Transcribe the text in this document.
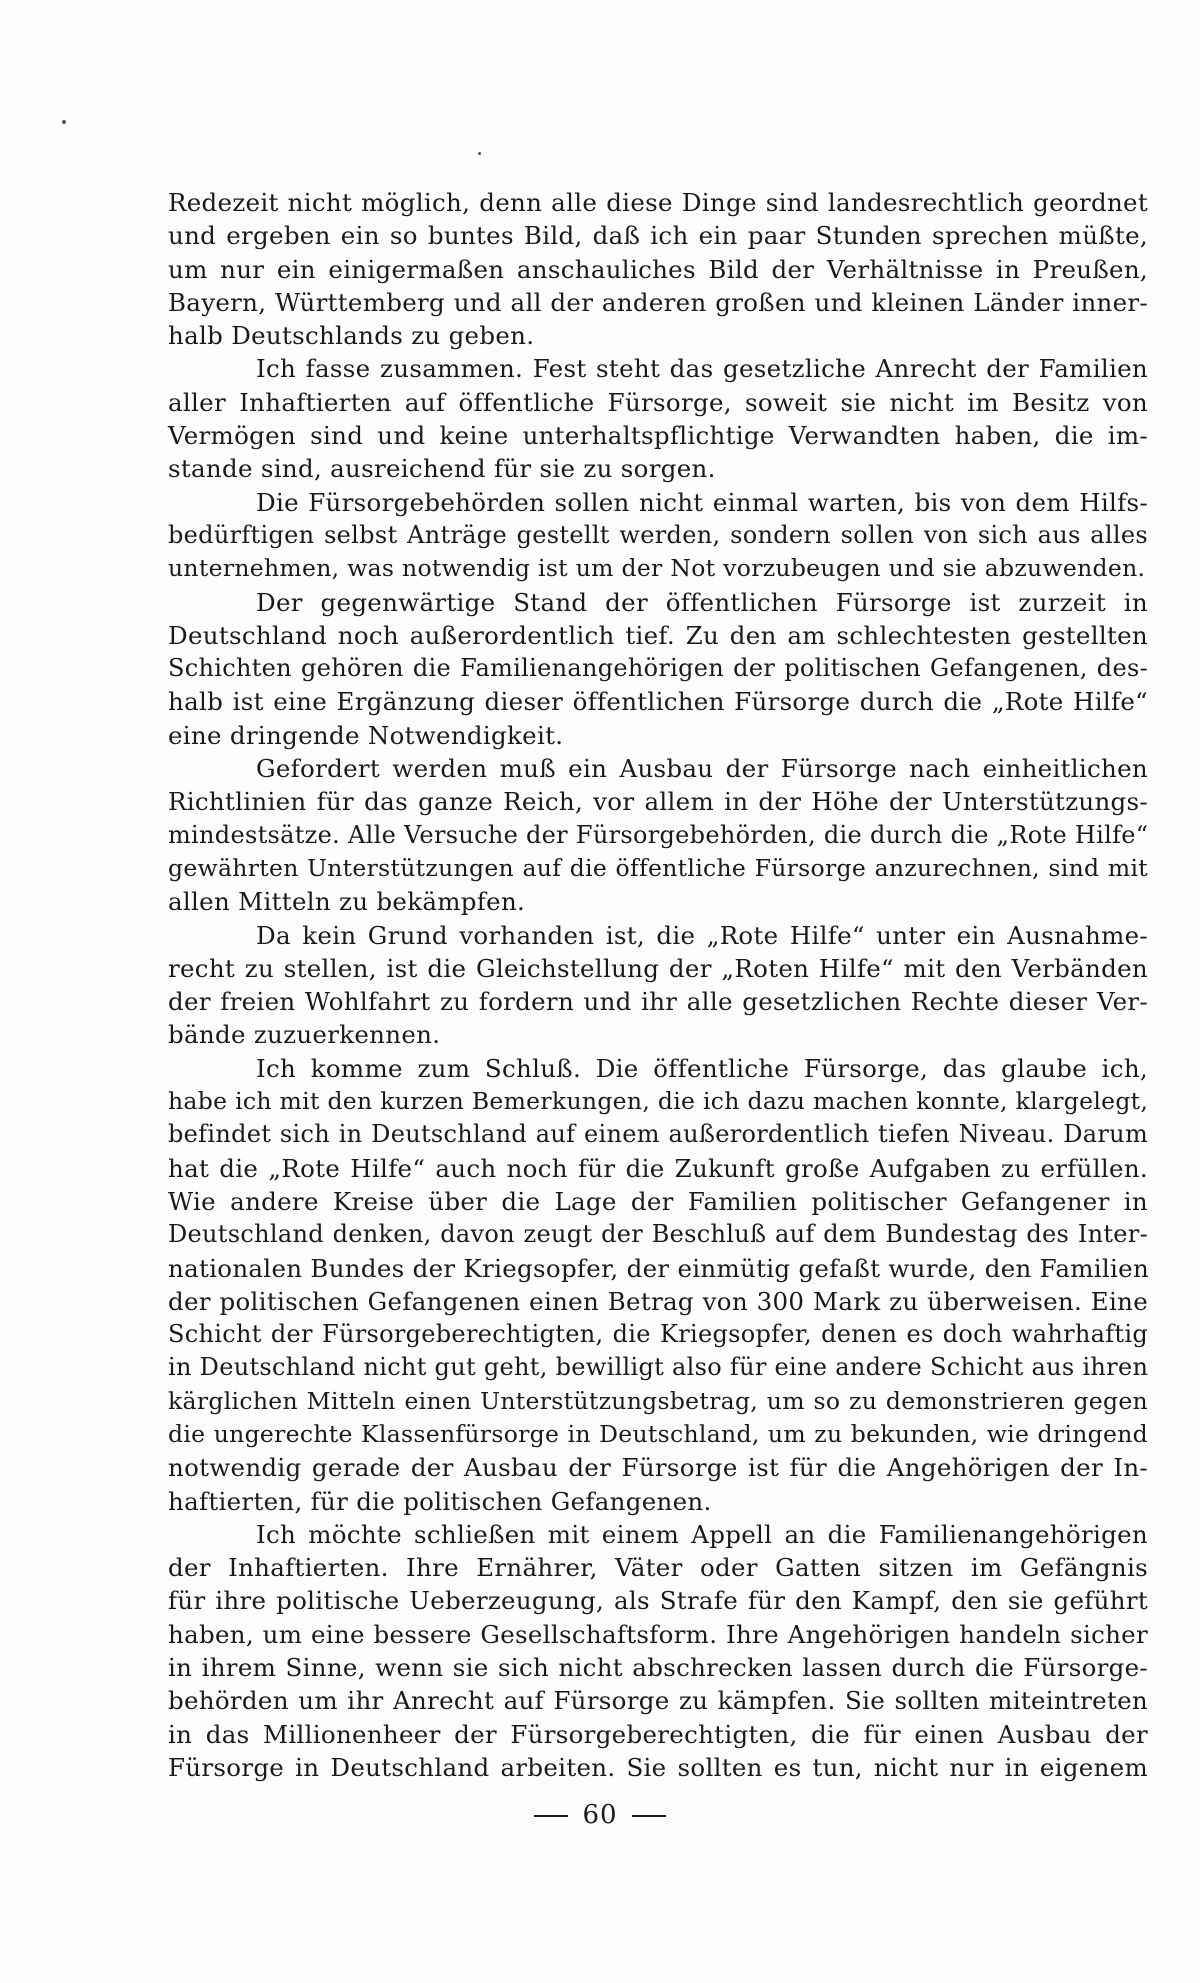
Redezeit nicht möglich, denn alle diese Dinge sind landesrechtlich geordnet
und ergeben ein so buntes Bild, daß ich ein paar Stunden sprechen müßte,
um nur ein einigermaßen anschauliches Bild der Verhältnisse in Preußen,
Bayern, Württemberg und all der anderen großen und kleinen Länder inner-
halb Deutschlands zu geben.
Ich fasse zusammen. Fest steht das gesetzliche Anrecht der Familien
aller Inhaftierten auf öffentliche Fürsorge, soweit sie nicht im Besitz von
Vermögen sind und keine unterhaltspflichtige Verwandten haben, die im-
stande sind, ausreichend für sie zu sorgen.
Die Fürsorgebehörden sollen nicht einmal warten, bis von dem Hilfs-
bedürftigen selbst Anträge gestellt werden, sondern sollen von sich aus alles
unternehmen, was notwendig ist um der Not vorzubeugen und sie abzuwenden.
Der gegenwärtige Stand der öffentlichen Fürsorge ist zurzeit in
Deutschland noch außerordentlich tief. Zu den am schlechtesten gestellten
Schichten gehören die Familienangehörigen der politischen Gefangenen, des-
halb ist eine Ergänzung dieser öffentlichen Fürsorge durch die „Rote Hilfe“
eine dringende Notwendigkeit.
Gefordert werden muß ein Ausbau der Fürsorge nach einheitlichen
Richtlinien für das ganze Reich, vor allem in der Höhe der Unterstützungs-
mindestsätze. Alle Versuche der Fürsorgebehörden, die durch die „Rote Hilfe“
gewährten Unterstützungen auf die öffentliche Fürsorge anzurechnen, sind mit
allen Mitteln zu bekämpfen.
Da kein Grund vorhanden ist, die „Rote Hilfe“ unter ein Ausnahme-
recht zu stellen, ist die Gleichstellung der „Roten Hilfe“ mit den Verbänden
der freien Wohlfahrt zu fordern und ihr alle gesetzlichen Rechte dieser Ver-
bände zuzuerkennen.
Ich komme zum Schluß. Die öffentliche Fürsorge, das glaube ich,
habe ich mit den kurzen Bemerkungen, die ich dazu machen konnte, klargelegt,
befindet sich in Deutschland auf einem außerordentlich tiefen Niveau. Darum
hat die „Rote Hilfe“ auch noch für die Zukunft große Aufgaben zu erfüllen.
Wie andere Kreise über die Lage der Familien politischer Gefangener in
Deutschland denken, davon zeugt der Beschluß auf dem Bundestag des Inter-
nationalen Bundes der Kriegsopfer, der einmütig gefaßt wurde, den Familien
der politischen Gefangenen einen Betrag von 300 Mark zu überweisen. Eine
Schicht der Fürsorgeberechtigten, die Kriegsopfer, denen es doch wahrhaftig
in Deutschland nicht gut geht, bewilligt also für eine andere Schicht aus ihren
kärglichen Mitteln einen Unterstützungsbetrag, um so zu demonstrieren gegen
die ungerechte Klassenfürsorge in Deutschland, um zu bekunden, wie dringend
notwendig gerade der Ausbau der Fürsorge ist für die Angehörigen der In-
haftierten, für die politischen Gefangenen.
Ich möchte schließen mit einem Appell an die Familienangehörigen
der Inhaftierten. Ihre Ernährer, Väter oder Gatten sitzen im Gefängnis
für ihre politische Ueberzeugung, als Strafe für den Kampf, den sie geführt
haben, um eine bessere Gesellschaftsform. Ihre Angehörigen handeln sicher
in ihrem Sinne, wenn sie sich nicht abschrecken lassen durch die Fürsorge-
behörden um ihr Anrecht auf Fürsorge zu kämpfen. Sie sollten miteintreten
in das Millionenheer der Fürsorgeberechtigten, die für einen Ausbau der
Fürsorge in Deutschland arbeiten. Sie sollten es tun, nicht nur in eigenem
60
